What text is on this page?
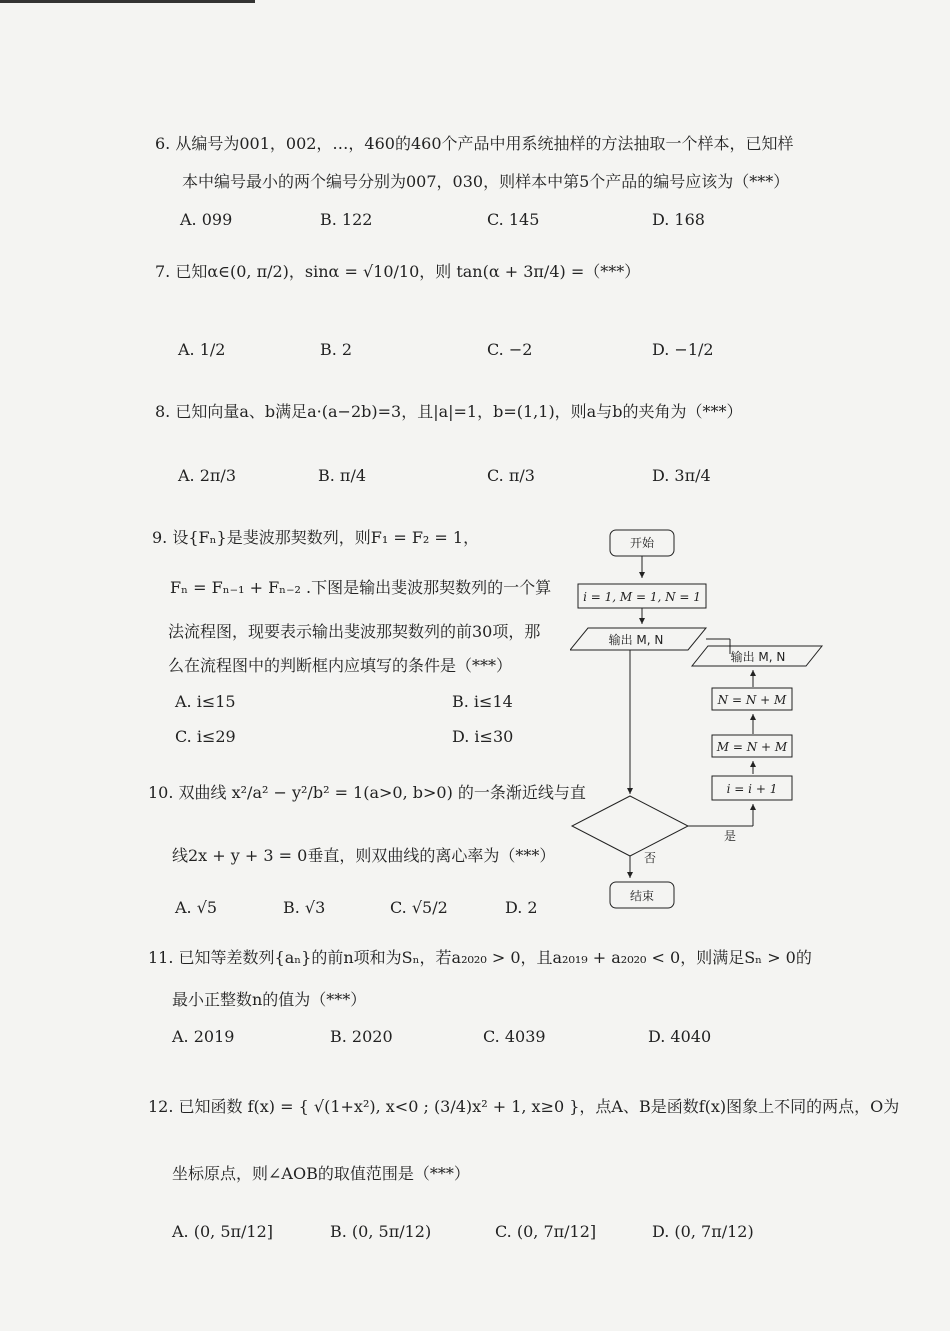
6. 从编号为001，002，…，460的460个产品中用系统抽样的方法抽取一个样本，已知样
本中编号最小的两个编号分别为007，030，则样本中第5个产品的编号应该为（***）
A. 099	B. 122	C. 145	D. 168
7. 已知α∈(0, π/2)，sinα = √10/10，则 tan(α + 3π/4) =（***）
A. 1/2	B. 2	C. −2	D. −1/2
8. 已知向量a、b满足a·(a−2b)=3，且|a|=1，b=(1,1)，则a与b的夹角为（***）
A. 2π/3	B. π/4	C. π/3	D. 3π/4
9. 设{Fₙ}是斐波那契数列，则F₁ = F₂ = 1，
Fₙ = Fₙ₋₁ + Fₙ₋₂ .下图是输出斐波那契数列的一个算
法流程图，现要表示输出斐波那契数列的前30项，那
么在流程图中的判断框内应填写的条件是（***）
A. i≤15	B. i≤14
C. i≤29	D. i≤30
开始
i = 1, M = 1, N = 1
输出 M, N
输出 M, N
N = N + M
M = N + M
i = i + 1
是
否
结束
10. 双曲线 x²/a² − y²/b² = 1(a>0, b>0) 的一条渐近线与直
线2x + y + 3 = 0垂直，则双曲线的离心率为（***）
A. √5	B. √3	C. √5/2	D. 2
11. 已知等差数列{aₙ}的前n项和为Sₙ，若a₂₀₂₀ > 0，且a₂₀₁₉ + a₂₀₂₀ < 0，则满足Sₙ > 0的
最小正整数n的值为（***）
A. 2019	B. 2020	C. 4039	D. 4040
12. 已知函数 f(x) = { √(1+x²), x<0 ; (3/4)x² + 1, x≥0 }，点A、B是函数f(x)图象上不同的两点，O为
坐标原点，则∠AOB的取值范围是（***）
A. (0, 5π/12]	B. (0, 5π/12)	C. (0, 7π/12]	D. (0, 7π/12)
